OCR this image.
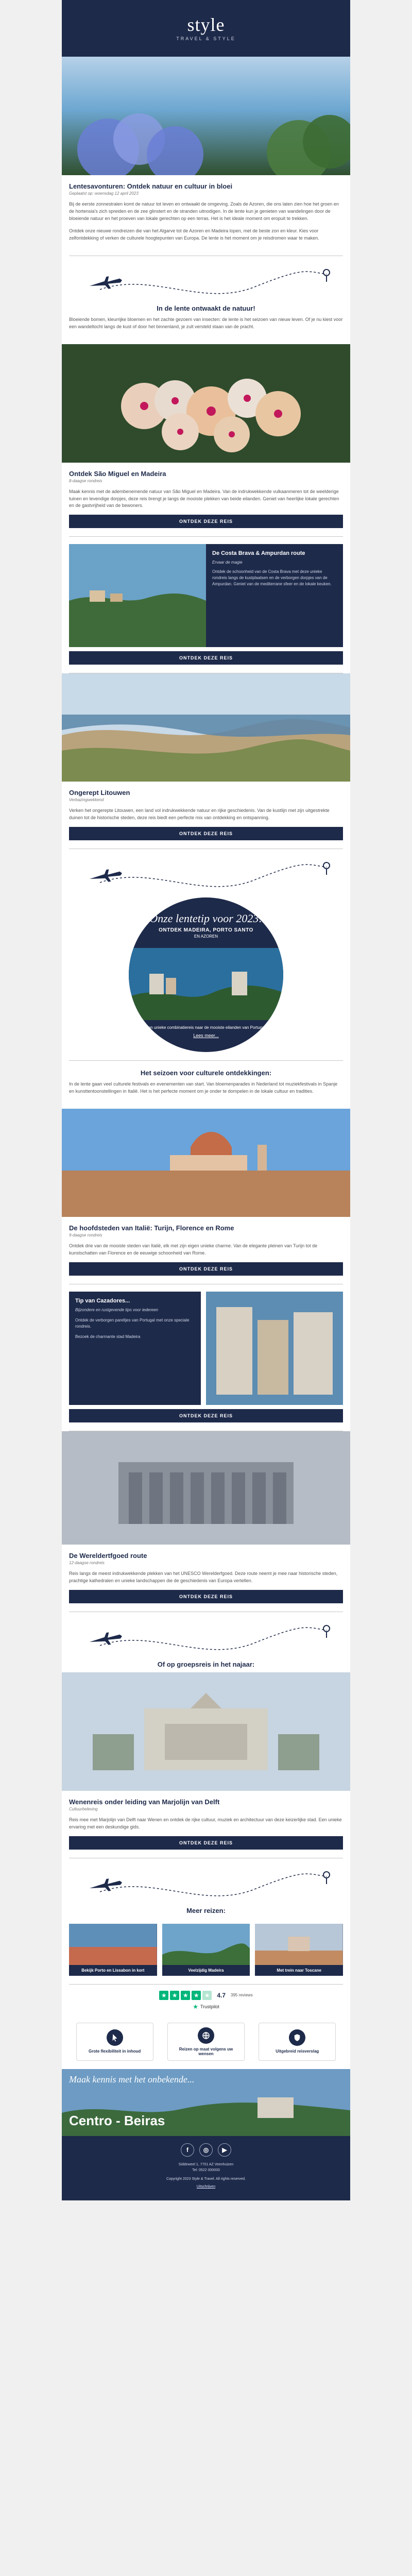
style
TRAVEL & STYLE
Lentesavonturen: Ontdek natuur en cultuur in bloei
Geplaatst op: woensdag 12 april 2023
Bij de eerste zonnestralen komt de natuur tot leven en ontwaakt de omgeving. Zoals de Azoren, die ons laten zien hoe het groen en de hortensia's zich spreiden en de zee glinstert en de stranden uitnodigen. In de lente kun je genieten van wandelingen door de bloeiende natuur en het proeven van lokale gerechten op een terras. Het is het ideale moment om eropuit te trekken.
Ontdek onze nieuwe rondreizen die van het Algarve tot de Azoren en Madeira lopen, met de beste zon en kleur. Kies voor zelfontdekking of verken de culturele hoogtepunten van Europa. De lente is het moment om je reisdromen waar te maken.
In de lente ontwaakt de natuur!
Bloeiende bomen, kleurrijke bloemen en het zachte gezoem van insecten: de lente is het seizoen van nieuw leven. Of je nu kiest voor een wandeltocht langs de kust of door het binnenland, je zult versteld staan van de pracht.
Ontdek São Miguel en Madeira
8-daagse rondreis
Maak kennis met de adembenemende natuur van São Miguel en Madeira. Van de indrukwekkende vulkaanmeren tot de weelderige tuinen en levendige dorpjes, deze reis brengt je langs de mooiste plekken van beide eilanden. Geniet van heerlijke lokale gerechten en de gastvrijheid van de bewoners.
ONTDEK DEZE REIS
De Costa Brava & Ampurdan route
Ervaar de magie
Ontdek de schoonheid van de Costa Brava met deze unieke rondreis langs de kustplaatsen en de verborgen dorpjes van de Ampurdan. Geniet van de mediterrane sfeer en de lokale keuken.
ONTDEK DEZE REIS
Ongerept Litouwen
Verbazingwekkend
Verken het ongerepte Litouwen, een land vol indrukwekkende natuur en rijke geschiedenis. Van de kustlijn met zijn uitgestrekte duinen tot de historische steden, deze reis biedt een perfecte mix van ontdekking en ontspanning.
ONTDEK DEZE REIS
Onze lentetip voor 2023:
ONTDEK MADEIRA, PORTO SANTO
EN AZOREN
Een unieke combinatiereis naar de mooiste eilanden van Portugal.
Lees meer...
Het seizoen voor culturele ontdekkingen:
In de lente gaan veel culturele festivals en evenementen van start. Van bloemenparades in Nederland tot muziekfestivals in Spanje en kunsttentoonstellingen in Italië. Het is het perfecte moment om je onder te dompelen in de lokale cultuur en tradities.
De hoofdsteden van Italië: Turijn, Florence en Rome
9-daagse rondreis
Ontdek drie van de mooiste steden van Italië, elk met zijn eigen unieke charme. Van de elegante pleinen van Turijn tot de kunstschatten van Florence en de eeuwige schoonheid van Rome.
ONTDEK DEZE REIS
Tip van Cazadores...
Bijzondere en rustgevende tips voor iedereen
Ontdek de verborgen pareltjes van Portugal met onze speciale rondreis.
Bezoek de charmante stad Madeira
ONTDEK DEZE REIS
De Wereldertfgoed route
12-daagse rondreis
Reis langs de meest indrukwekkende plekken van het UNESCO Werelderfgoed. Deze route neemt je mee naar historische steden, prachtige kathedralen en unieke landschappen die de geschiedenis van Europa vertellen.
ONTDEK DEZE REIS
Of op groepsreis in het najaar:
Wenenreis onder leiding van Marjolijn van Delft
Cultuurbeleving
Reis mee met Marjolijn van Delft naar Wenen en ontdek de rijke cultuur, muziek en architectuur van deze keizerlijke stad. Een unieke ervaring met een deskundige gids.
ONTDEK DEZE REIS
Meer reizen:
Bekijk Porto en Lissabon in kort	Veelzijdig Madeira	Met trein naar Toscane
★ ★ ★ ★ ★	4.7 395 reviews
★ Trustpilot
Grote flexibiliteit in inhoud	Reizen op maat volgens uw wensen	Uitgebreid reisverslag
Maak kennis met het onbekende...
Centro - Beiras
f	◎	▶
Siddeweel 1, 7701 AZ Veenhuizen
Tel: 0522 000000
Copyright 2023 Style & Travel. All rights reserved.
Uitschrijven
